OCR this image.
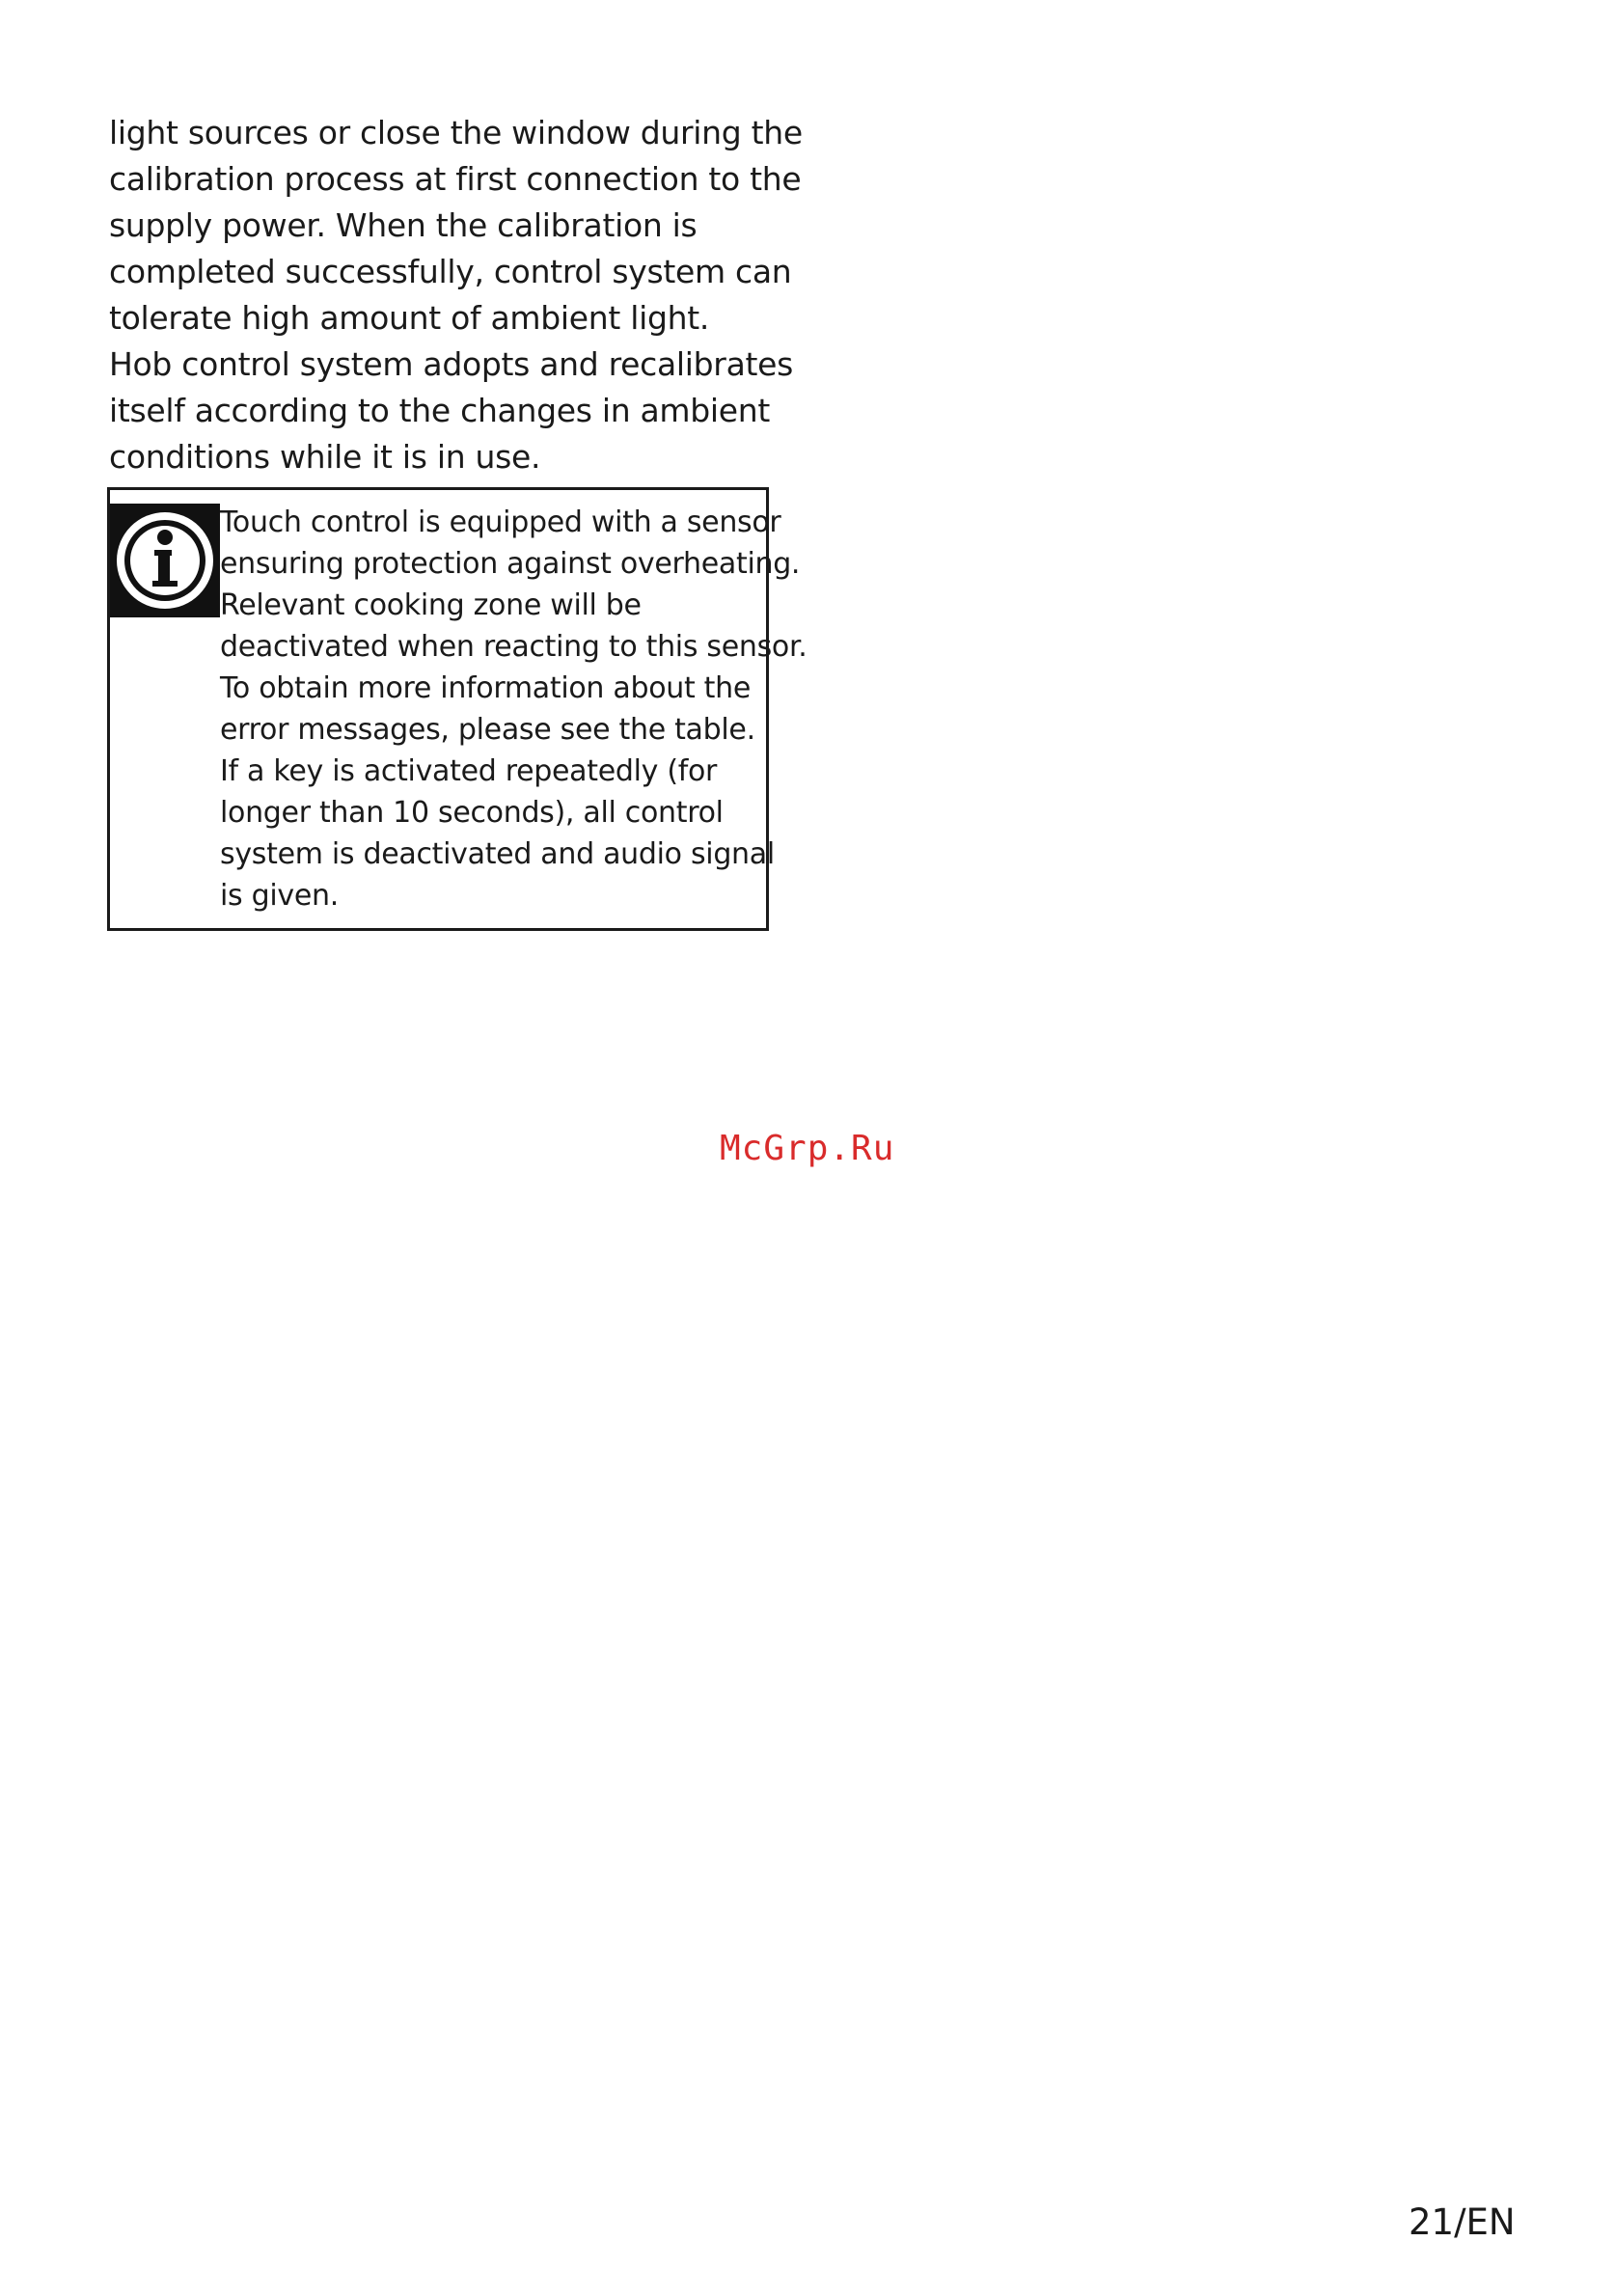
light sources or close the window during the
calibration process at first connection to the
supply power. When the calibration is
completed successfully, control system can
tolerate high amount of ambient light.
Hob control system adopts and recalibrates
itself according to the changes in ambient
conditions while it is in use.

Touch control is equipped with a sensor
ensuring protection against overheating.
Relevant cooking zone will be
deactivated when reacting to this sensor.
To obtain more information about the
error messages, please see the table.
If a key is activated repeatedly (for
longer than 10 seconds), all control
system is deactivated and audio signal
is given.

McGrp.Ru
21/EN
